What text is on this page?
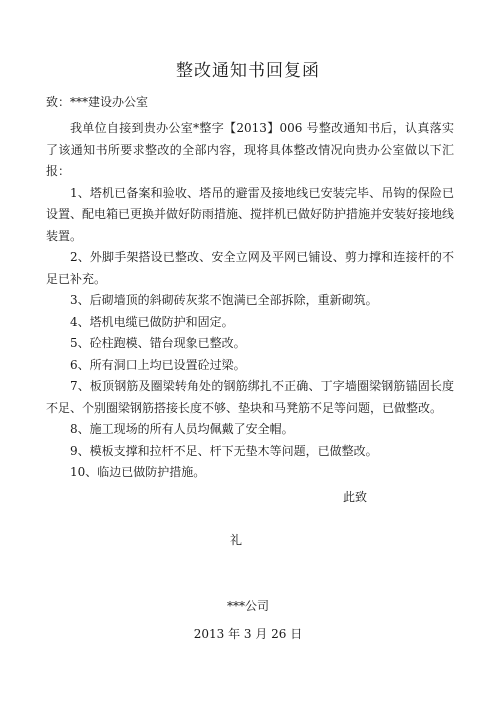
整改通知书回复函
致：***建设办公室

我单位自接到贵办公室*整字【2013】006 号整改通知书后，认真落实了该通知书所要求整改的全部内容，现将具体整改情况向贵办公室做以下汇报：

1、塔机已备案和验收、塔吊的避雷及接地线已安装完毕、吊钩的保险已设置、配电箱已更换并做好防雨措施、搅拌机已做好防护措施并安装好接地线装置。

2、外脚手架搭设已整改、安全立网及平网已铺设、剪力撑和连接杆的不足已补充。

3、后砌墙顶的斜砌砖灰浆不饱满已全部拆除，重新砌筑。

4、塔机电缆已做防护和固定。

5、砼柱跑模、错台现象已整改。

6、所有洞口上均已设置砼过梁。

7、板顶钢筋及圈梁转角处的钢筋绑扎不正确、丁字墙圈梁钢筋锚固长度不足、个别圈梁钢筋搭接长度不够、垫块和马凳筋不足等问题，已做整改。

8、施工现场的所有人员均佩戴了安全帽。

9、模板支撑和拉杆不足、杆下无垫木等问题，已做整改。

10、临边已做防护措施。

此致
礼
***公司
2013 年 3 月 26 日
